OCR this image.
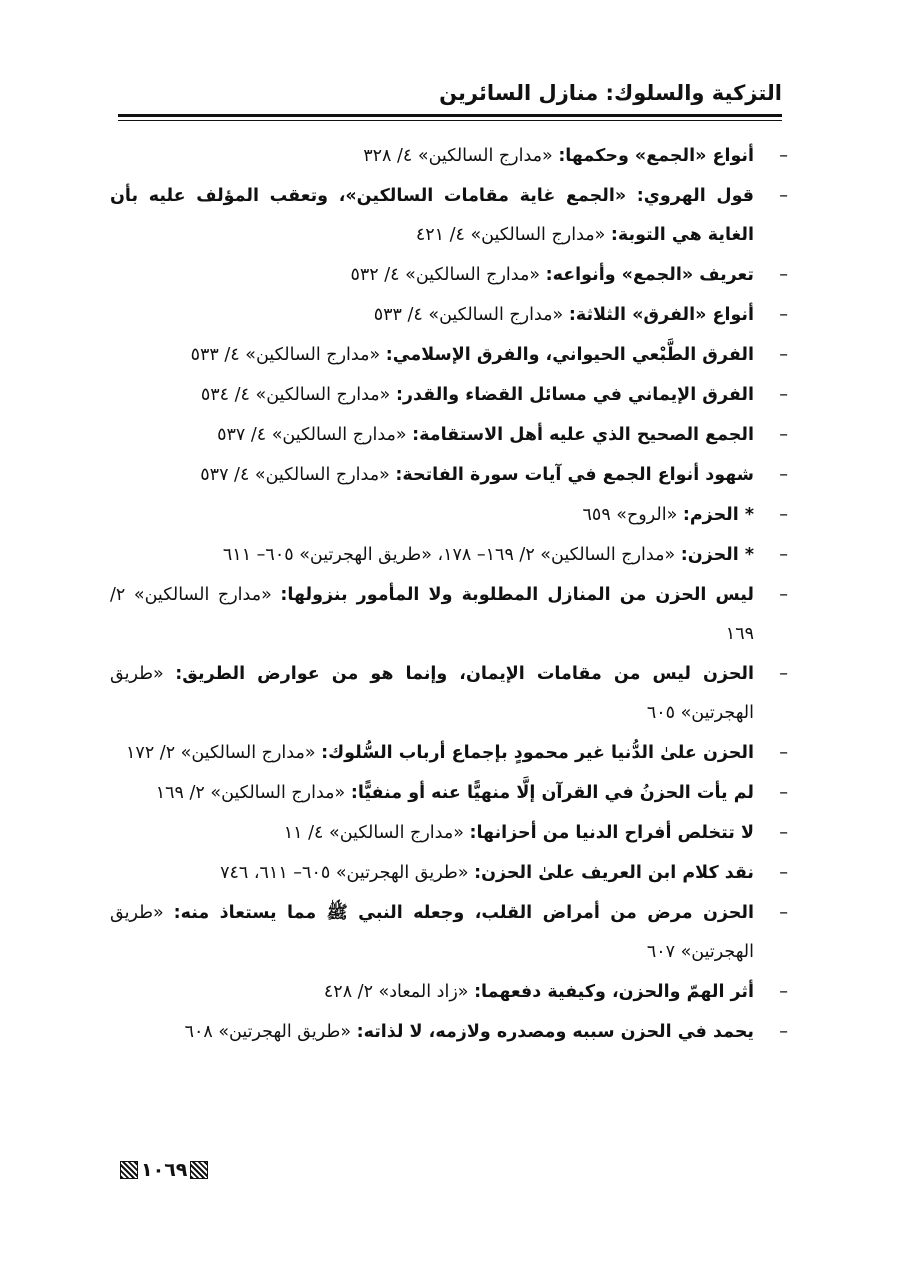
التزكية والسلوك: منازل السائرين
–
أنواع «الجمع» وحكمها: «مدارج السالكين» ٤/ ٣٢٨
–
قول الهروي: «الجمع غاية مقامات السالكين»، وتعقب المؤلف عليه بأن الغاية هي التوبة: «مدارج السالكين» ٤/ ٤٢١
–
تعريف «الجمع» وأنواعه: «مدارج السالكين» ٤/ ٥٣٢
–
أنواع «الفرق» الثلاثة: «مدارج السالكين» ٤/ ٥٣٣
–
الفرق الطَّبْعي الحيواني، والفرق الإسلامي: «مدارج السالكين» ٤/ ٥٣٣
–
الفرق الإيماني في مسائل القضاء والقدر: «مدارج السالكين» ٤/ ٥٣٤
–
الجمع الصحيح الذي عليه أهل الاستقامة: «مدارج السالكين» ٤/ ٥٣٧
–
شهود أنواع الجمع في آيات سورة الفاتحة: «مدارج السالكين» ٤/ ٥٣٧
–
* الحزم: «الروح» ٦٥٩
–
* الحزن: «مدارج السالكين» ٢/ ١٦٩– ١٧٨، «طريق الهجرتين» ٦٠٥– ٦١١
–
ليس الحزن من المنازل المطلوبة ولا المأمور بنزولها: «مدارج السالكين» ٢/ ١٦٩
–
الحزن ليس من مقامات الإيمان، وإنما هو من عوارض الطريق: «طريق الهجرتين» ٦٠٥
–
الحزن علىٰ الدُّنيا غير محمودٍ بإجماع أرباب السُّلوك: «مدارج السالكين» ٢/ ١٧٢
–
لم يأت الحزنُ في القرآن إلَّا منهيًّا عنه أو منفيًّا: «مدارج السالكين» ٢/ ١٦٩
–
لا تتخلص أفراح الدنيا من أحزانها: «مدارج السالكين» ٤/ ١١
–
نقد كلام ابن العريف علىٰ الحزن: «طريق الهجرتين» ٦٠٥– ٦١١، ٧٤٦
–
الحزن مرض من أمراض القلب، وجعله النبي ﷺ مما يستعاذ منه: «طريق الهجرتين» ٦٠٧
–
أثر الهمّ والحزن، وكيفية دفعهما: «زاد المعاد» ٢/ ٤٢٨
–
يحمد في الحزن سببه ومصدره ولازمه، لا لذاته: «طريق الهجرتين» ٦٠٨
١٠٦٩
